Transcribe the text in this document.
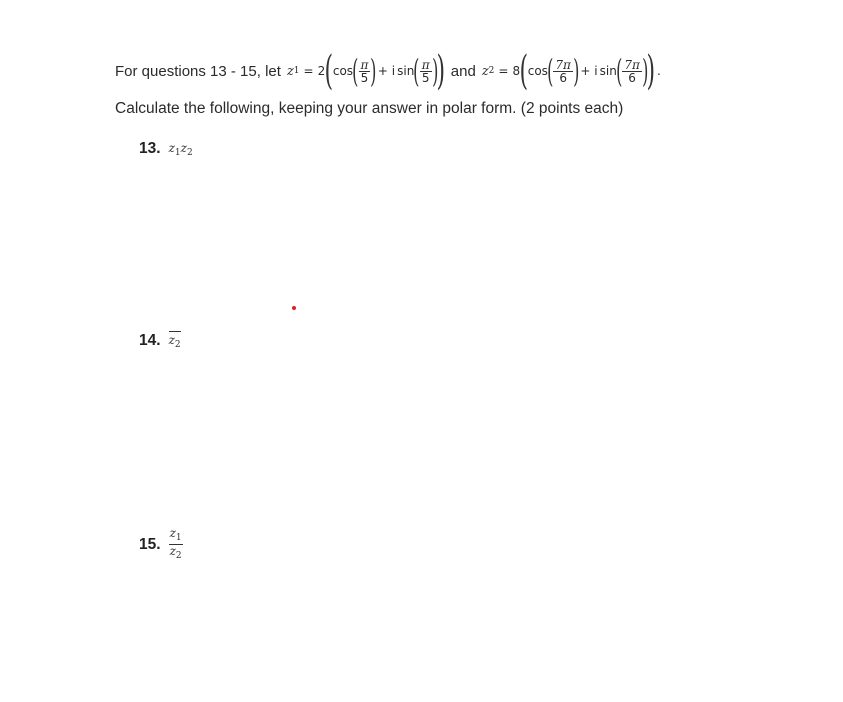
For questions 13 - 15, let z 1 = 2 ( cos ( $\frac{\pi}{5}$ ) + i sin ( $\frac{\pi}{5}$ )
) and z 2 = 8 ( cos ( $\frac{7\pi}{6}$ ) + i sin ( $\frac{7\pi}{6}$ )
) .
Calculate the following, keeping your answer in polar form. (2 points each)
13. $z_1z_2$
14. $z_2$
15. $\frac{z_1}{z_2}$
